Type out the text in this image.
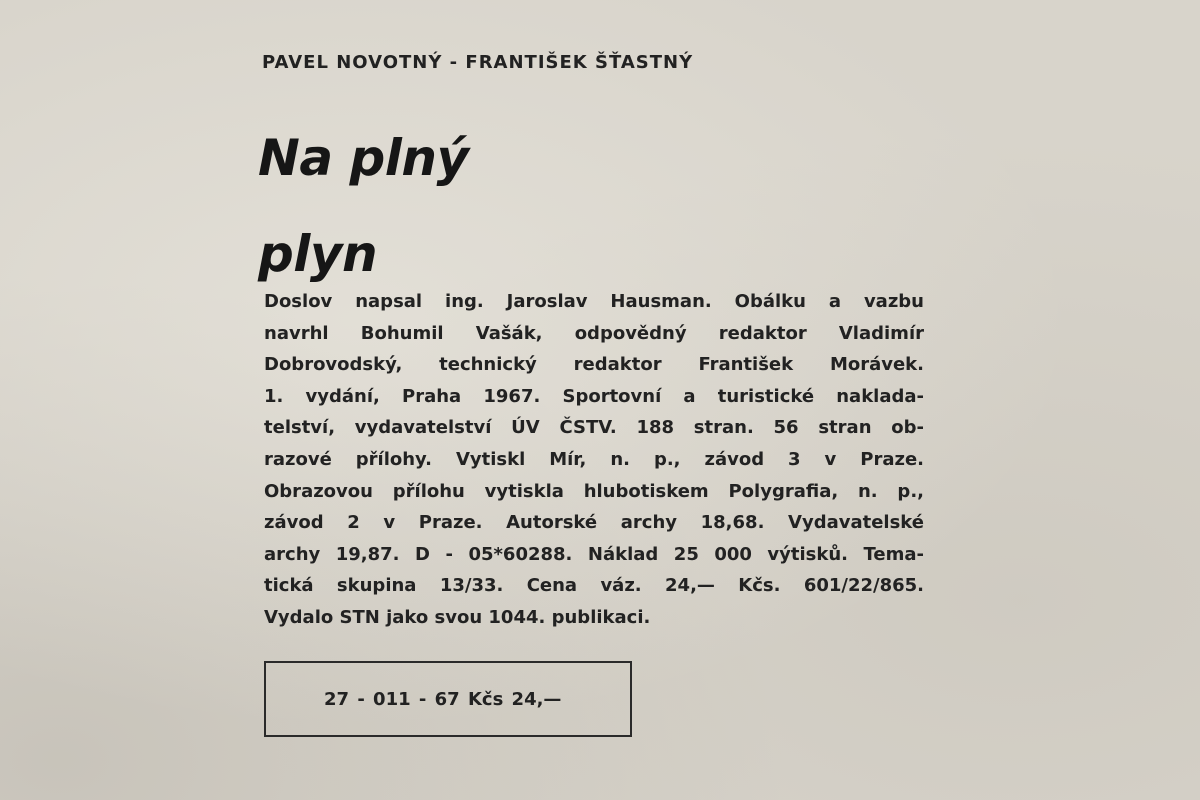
PAVEL NOVOTNÝ - FRANTIŠEK ŠŤASTNÝ
Na plný
plyn
Doslov napsal ing. Jaroslav Hausman. Obálku a vazbu
navrhl Bohumil Vašák, odpovědný redaktor Vladimír
Dobrovodský, technický redaktor František Morávek.
1. vydání, Praha 1967. Sportovní a turistické naklada-
telství, vydavatelství ÚV ČSTV. 188 stran. 56 stran ob-
razové přílohy. Vytiskl Mír, n. p., závod 3 v Praze.
Obrazovou přílohu vytiskla hlubotiskem Polygrafia, n. p.,
závod 2 v Praze. Autorské archy 18,68. Vydavatelské
archy 19,87. D - 05*60288. Náklad 25 000 výtisků. Tema-
tická skupina 13/33. Cena váz. 24,— Kčs. 601/22/865.
Vydalo STN jako svou 1044. publikaci.
27 - 011 - 67 Kčs 24,—
